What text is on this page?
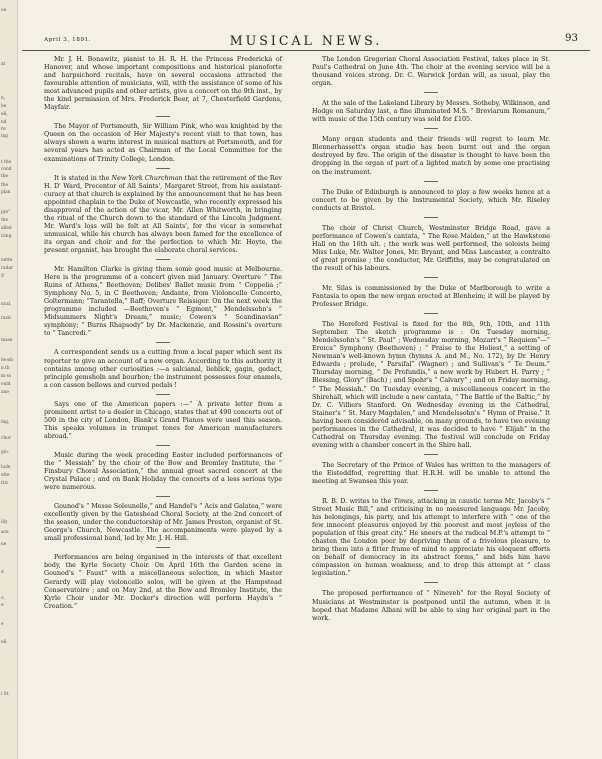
ue
at
n,
he
ell,
nd
re
ing
t the
cond
the
the
plan
pys"
the
alled
iring
nette
radar
S'
ncal,
rasic
mase
feoob
n th
m so
ould
ane
ing,
chur
gio.
lude
ette
ttic
illy
ace
ne
d
o,
e
e
ell.
i St.
April 3, 1891.	MUSICAL NEWS.	93

Mr. J. H. Bonawitz, pianist to H. R. H. the Princess Frederická of Hanover, and whose important compositions and historical pianoforte and harpsichord recitals, have on several occasions attracted the favourable attention of musicians, will, with the assistance of some of his most advanced pupils and other artists, give a concert on the 9th inst., by the kind permission of Mrs. Frederick Beer, at 7, Chesterfield Gardens, Mayfair.

The Mayor of Portsmouth, Sir William Pink, who was knighted by the Queen on the occasion of Her Majesty's recent visit to that town, has always shown a warm interest in musical matters at Portsmouth, and for several years has acted as Chairman of the Local Committee for the examinations of Trinity College, London.

It is stated in the New York Churchman that the retirement of the Rev H. D' Ward, Precentor of All Saints', Margaret Street, from his assistant-curacy at that church is explained by the announcement that he has been appointed chaplain to the Duke of Newcastle, who recently expressed his disapproval of the action of the vicar, Mr. Allen Whitworth, in bringing the ritual of the Church down to the standard of the Lincoln Judgment. Mr. Ward's loss will be felt at All Saints', for the vicar is somewhat unmusical, while his church has always been famed for the excellence of its organ and choir and for the perfection to which Mr. Hoyte, the present organist, has brought the elaborate choral services.

Mr. Hamilton Clarke is giving them some good music at Melbourne. Here is the programme of a concert given mid January. Overture “ The Ruins of Athens,” Beethoven; Delibes' Ballet music from “ Coppelia ;” Symphony No. 5, in C Beethoven; Andante, from Violoncello Concerto, Goltermann; “Tarantella,” Raff; Overture Reissiger. On the next week the programme included —Beethoven's “ Egmont,” Mendelssohn's “ Midsummers Night's Dream,” music; Cowen's “ Scandinavian” symphony; “ Burns Rhapsody” by Dr. Mackenzie, and Rossini's overture to “ Tancredi.”

A correspondent sends us a cutting from a local paper which sent its reporter to give an account of a new organ. According to this authority it contains among other curiosities :—a salcianal, lieblick, gagin, gedact, principle gemsholn and bourbon; the instrument possesses four enamels, a con casson bellows and curved pedals !

Says one of the American papers :—“ A private letter from a prominent artist to a dealer in Chicago, states that at 490 concerts out of 500 in the city of London, Blank's Grand Pianos were used this season. This speaks volumes in trumpet tones for American manufacturers abroad.”

Music during the week preceding Easter included performances of the “ Messiah” by the choir of the Bow and Bromley Institute, the “ Finsbury Choral Association,” the annual great sacred concert at the Crystal Palace ; and on Bank Holiday the concerts of a less serious type were numerous.

Gounod's “ Messe Soleunelle,” and Handel's “ Acis and Galatea,” were excellently given by the Gateshead Choral Society, at the 2nd concert of the season, under the conductorship of Mr. James Preston, organist of St. George's Church, Newcastle. The accompaniments were played by a small professional band, led by Mr. J. H. Hill.

Performances are being organised in the interests of that excellent body, the Kyrle Society Choir. On April 16th the Garden scene in Gounod's “ Faust” with a miscellaneous selection, in which Master Gerardy will play violoncello solos, will be given at the Hampstead Conservatoire ; and on May 2nd, at the Bow and Bromley Institute, the Kyrle Choir under Mr. Docker's direction will perform Haydn's “ Creation.”

The London Gregorian Choral Association Festival, takes place in St. Paul's Cathedral on June 4th. The choir at the evening service will be a thousand voices strong. Dr. C. Warwick Jordan will, as usual, play the organ.

At the sale of the Lakeland Library by Messrs. Sotheby, Wilkinson, and Hodge on Saturday last, a fine illuminated M.S. “ Breviarum Romanum,” with music of the 15th century was sold for £105.

Many organ students and their friends will regret to learn Mr. Blennerhassett's organ studio has been burnt out and the organ destroyed by fire. The origin of the disaster is thought to have been the dropping in the organ of part of a lighted match by some one practising on the instrument.

The Duke of Edinburgh is announced to play a few weeks hence at a concert to be given by the Instrumental Society, which Mr. Riseley conducts at Bristol.

The choir of Christ Church, Westminster Bridge Road, gave a performance of Cowen's cantata, “ The Rose Maiden,” at the Hawkstone Hall on the 16th ult. ; the work was well performed, the soloists being Miss Luke, Mr. Walter Jones, Mr. Bryant, and Miss Lancaster, a contralto of great promise ; the conductor, Mr. Griffiths, may be congratulated on the result of his labours.

Mr. Silas is commissioned by the Duke of Marlborough to write a Fantasia to open the new organ erected at Blenheim; it will be played by Professor Bridge.

The Hereford Festival is fixed for the 8th, 9th, 10th, and 11th September. The sketch programme is : On Tuesday morning, Mendelssohn's “ St. Paul” ; Wednesday morning, Mozart's “ Requiem”—“ Eroica” Symphony (Beethoven) ; “ Praise to the Holiest,” a setting of Newman's well-known hymn (hymns A. and M., No. 172), by Dr. Henry Edwards ; prelude, “ Parsifal” (Wagner) ; and Sullivan's “ Te Deum.” Thursday morning, “ De Profundis,” a new work by Hubert H. Parry ; “ Blessing, Glory” (Bach) ; and Spohr's “ Calvary” ; and on Friday morning, “ The Messiah.” On Tuesday evening, a miscellaneous concert in the Shirehall, which will include a new cantata, “ The Battle of the Baltic,” by Dr. C. Villiers Stanford. On Wednesday evening in the Cathedral, Stainer's “ St. Mary Magdalen,” and Mendelssohn's “ Hymn of Praise.” It having been considered advisable, on many grounds, to have two evening performances in the Cathedral, it was decided to have “ Elijah” in the Cathedral on Thursday evening. The festival will conclude on Friday evening with a chamber concert in the Shire hall.

The Secretary of the Prince of Wales has written to the managers of the Eisteddfod, regretting that H.R.H. will be unable to attend the meeting at Swansea this year.

R. B. D. writes to the Times, attacking in caustic terms Mr. Jacoby's “ Street Music Bill,” and criticising in no measured language Mr. Jacoby, his belongings, his party, and his attempt to interfere with “ one of the few innocent pleasures enjoyed by the poorest and most joyless of the population of this great city.” He sneers at the radical M.P.'s attempt to “ chasten the London poor by depriving them of a frivolous pleasure, to bring them into a fitter frame of mind to appreciate his eloquent efforts on behalf of democracy in its abstract forms,” and bids him have compassion on human weakness, and to drop this attempt at “ class legislation.”

The proposed performance of “ Nineveh” for the Royal Society of Musicians at Westminster is postponed until the autumn, when it is hoped that Madame Albani will be able to sing her original part in the work.
